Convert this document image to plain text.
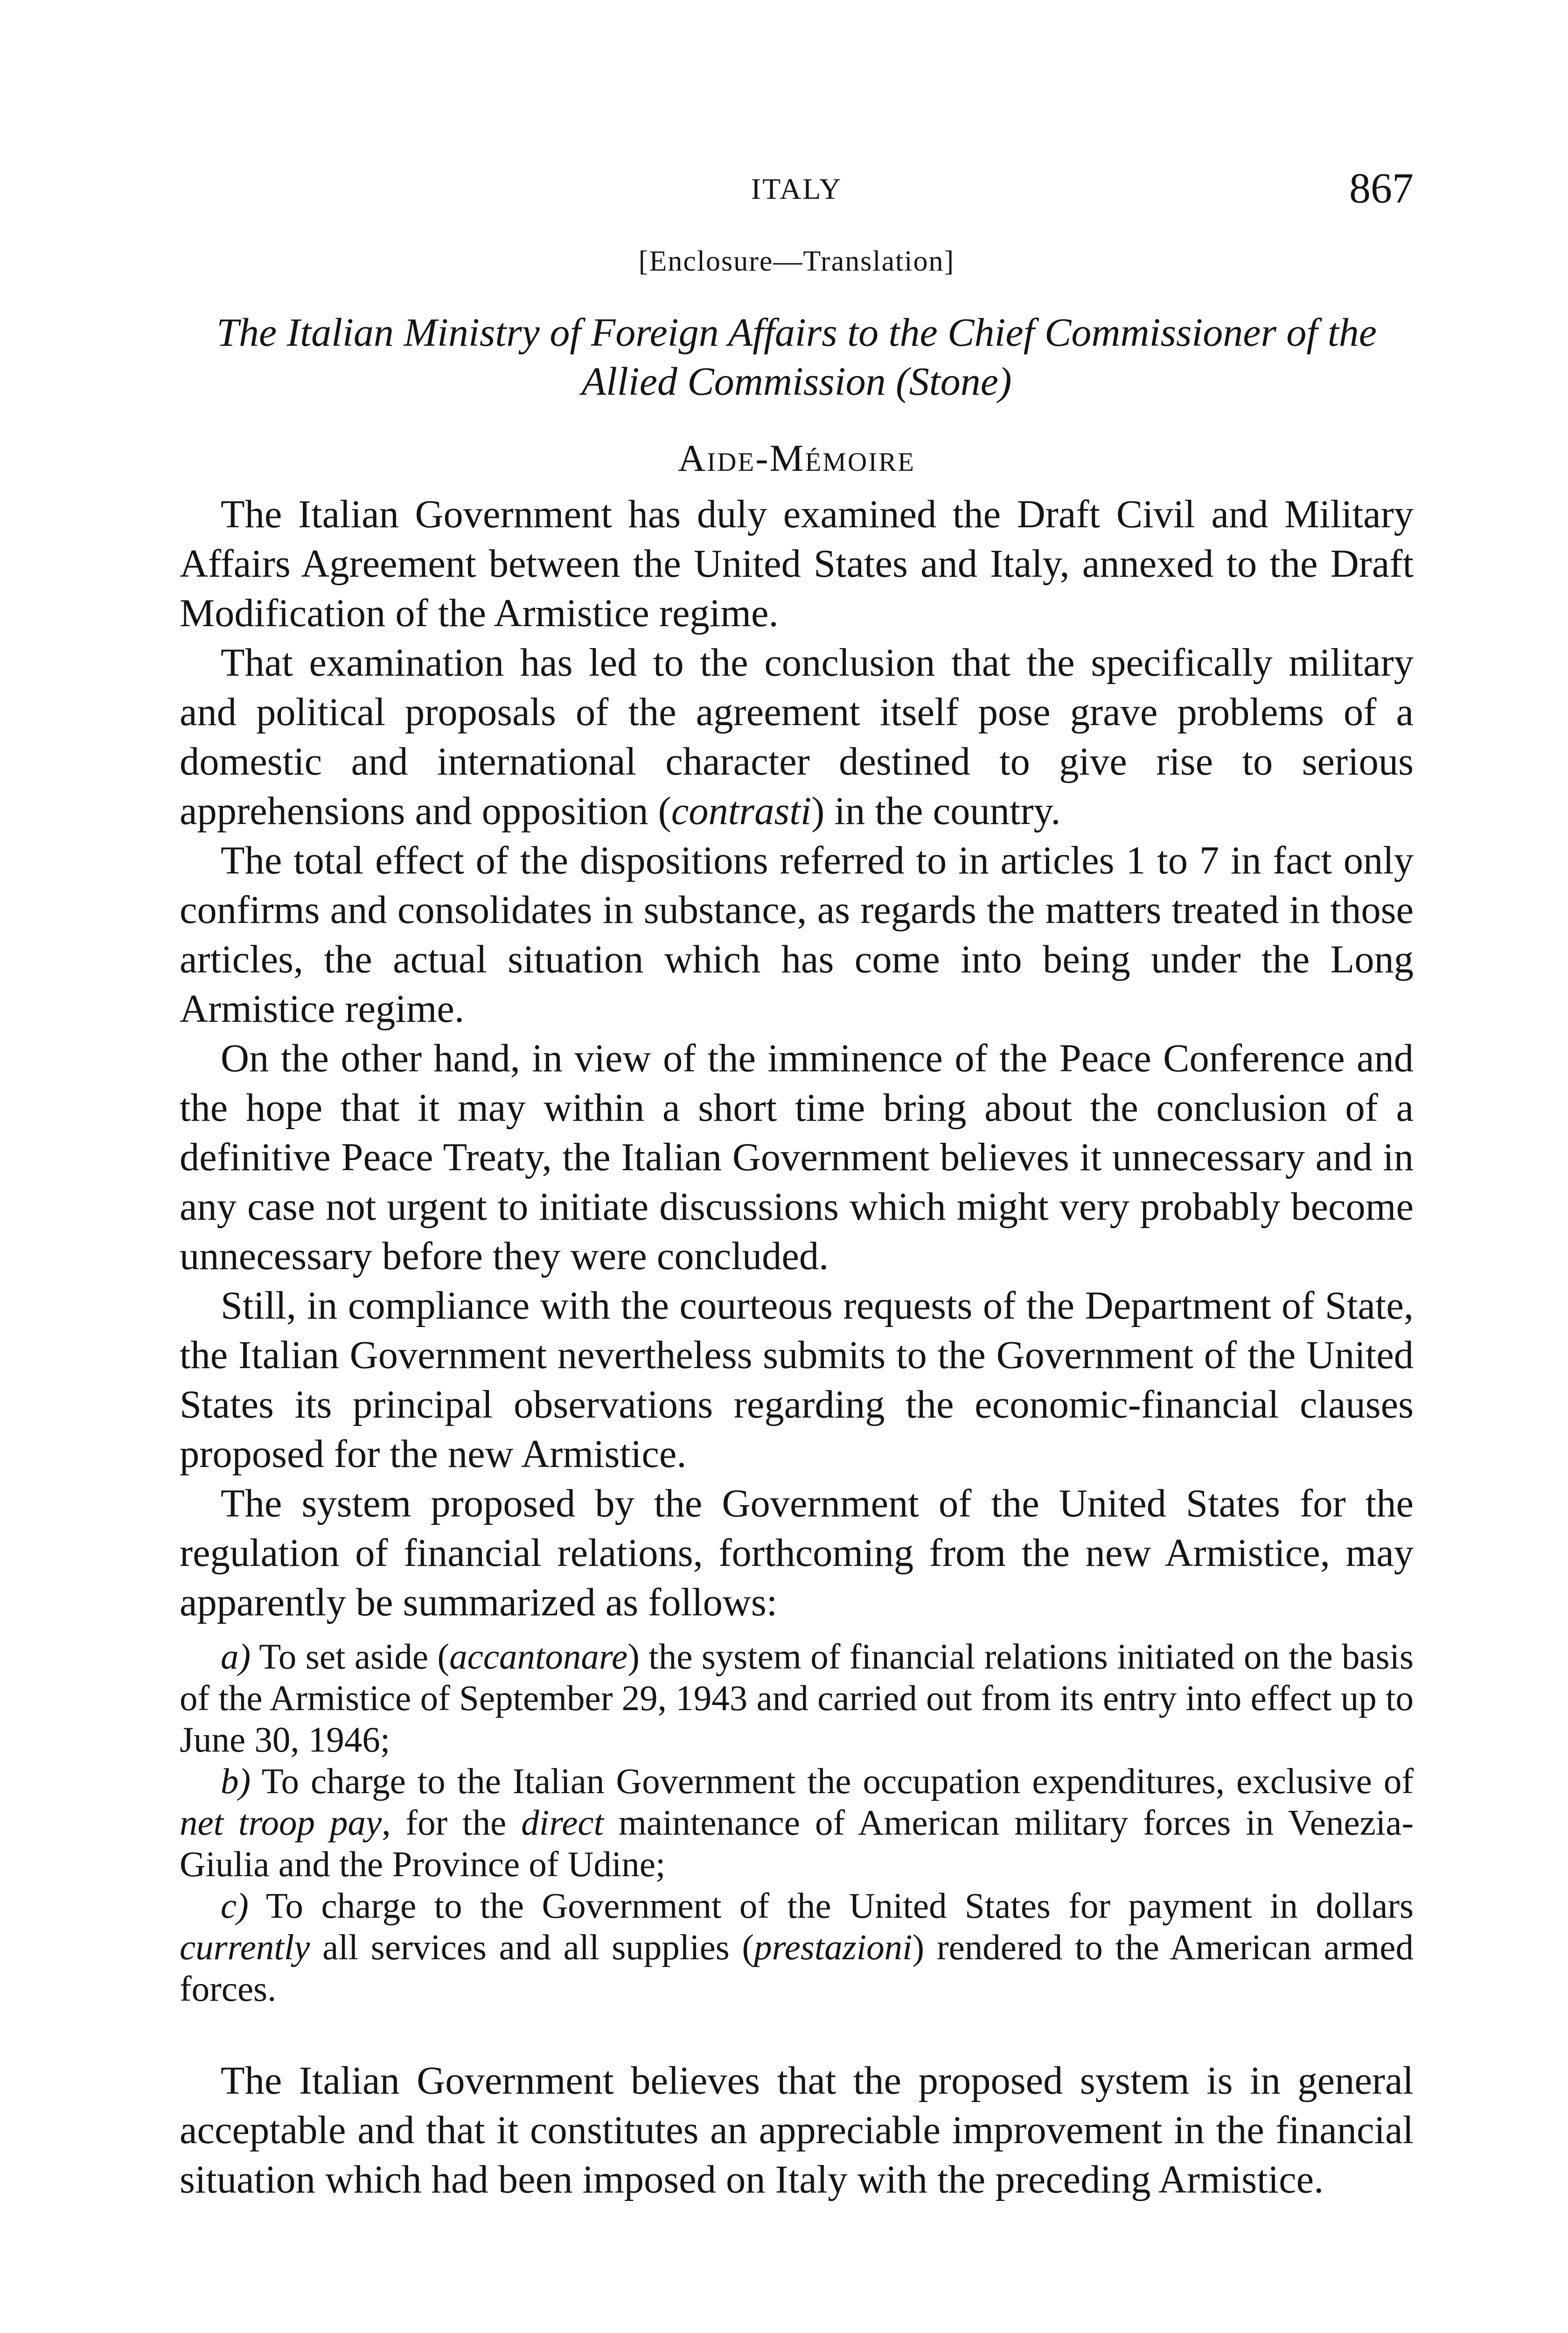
ITALY	867
[Enclosure—Translation]
The Italian Ministry of Foreign Affairs to the Chief Commissioner of the Allied Commission (Stone)
Aide-Mémoire

The Italian Government has duly examined the Draft Civil and Military Affairs Agreement between the United States and Italy, annexed to the Draft Modification of the Armistice regime.

That examination has led to the conclusion that the specifically military and political proposals of the agreement itself pose grave problems of a domestic and international character destined to give rise to serious apprehensions and opposition (contrasti) in the country.

The total effect of the dispositions referred to in articles 1 to 7 in fact only confirms and consolidates in substance, as regards the matters treated in those articles, the actual situation which has come into being under the Long Armistice regime.

On the other hand, in view of the imminence of the Peace Conference and the hope that it may within a short time bring about the conclusion of a definitive Peace Treaty, the Italian Government believes it unnecessary and in any case not urgent to initiate discussions which might very probably become unnecessary before they were concluded.

Still, in compliance with the courteous requests of the Department of State, the Italian Government nevertheless submits to the Government of the United States its principal observations regarding the economic-financial clauses proposed for the new Armistice.

The system proposed by the Government of the United States for the regulation of financial relations, forthcoming from the new Armistice, may apparently be summarized as follows:

a) To set aside (accantonare) the system of financial relations initiated on the basis of the Armistice of September 29, 1943 and carried out from its entry into effect up to June 30, 1946;

b) To charge to the Italian Government the occupation expenditures, exclusive of net troop pay, for the direct maintenance of American military forces in Venezia-Giulia and the Province of Udine;

c) To charge to the Government of the United States for payment in dollars currently all services and all supplies (prestazioni) rendered to the American armed forces.

The Italian Government believes that the proposed system is in general acceptable and that it constitutes an appreciable improvement in the financial situation which had been imposed on Italy with the preceding Armistice.
